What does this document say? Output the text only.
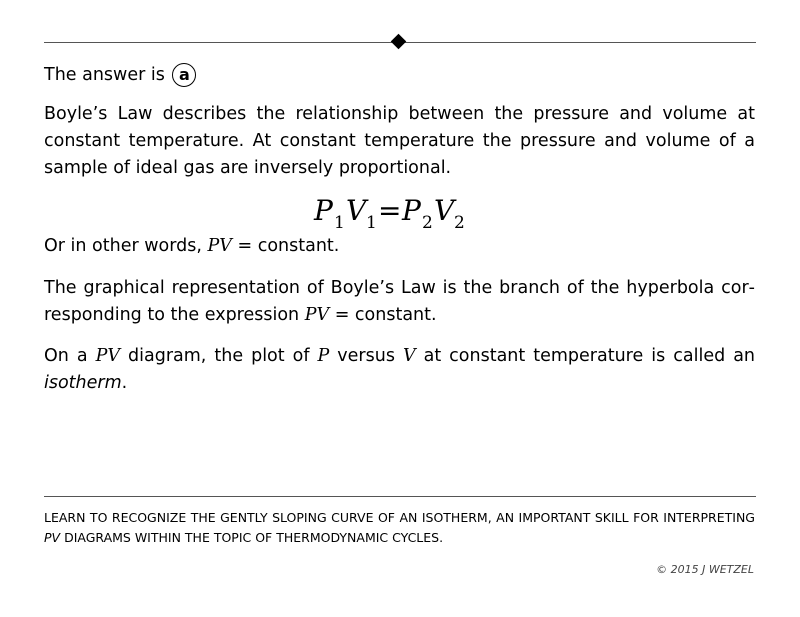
The answer is a

Boyle’s Law describes the relationship between the pressure and volume at constant temperature. At constant temperature the pressure and volume of a sample of ideal gas are inversely proportional.

P 1 V 1 = P 2 V 2

Or in other words, PV = constant.

The graphical representation of Boyle’s Law is the branch of the hyperbola corresponding to the expression PV = constant.

On a PV diagram, the plot of P versus V at constant temperature is called an isotherm.

LEARN TO RECOGNIZE THE GENTLY SLOPING CURVE OF AN ISOTHERM, AN IMPORTANT SKILL FOR INTERPRETING PV DIAGRAMS WITHIN THE TOPIC OF THERMODYNAMIC CYCLES.
© 2015 J WETZEL
